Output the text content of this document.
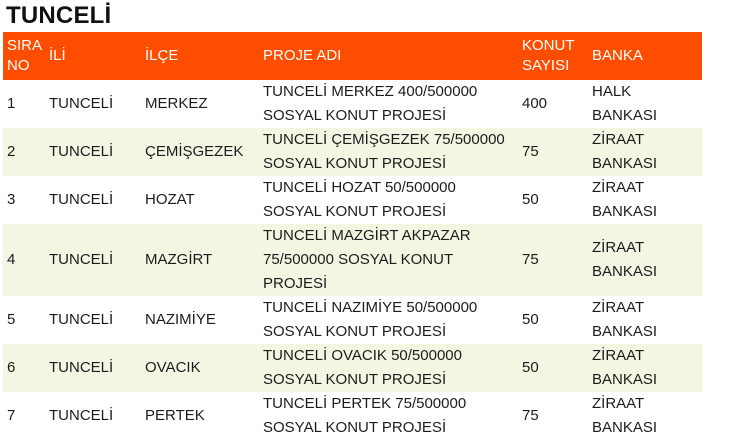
TUNCELİ
SIRA
NO	İLİ	İLÇE	PROJE ADI	KONUT
SAYISI	BANKA
1	TUNCELİ	MERKEZ	TUNCELİ MERKEZ 400/500000
SOSYAL KONUT PROJESİ	400	HALK
BANKASI

2	TUNCELİ	ÇEMİŞGEZEK	TUNCELİ ÇEMİŞGEZEK 75/500000
SOSYAL KONUT PROJESİ	75	ZİRAAT
BANKASI

3	TUNCELİ	HOZAT	TUNCELİ HOZAT 50/500000
SOSYAL KONUT PROJESİ	50	ZİRAAT
BANKASI

4	TUNCELİ	MAZGİRT	TUNCELİ MAZGİRT AKPAZAR
75/500000 SOSYAL KONUT
PROJESİ	75	ZİRAAT
BANKASI

5	TUNCELİ	NAZIMİYE	TUNCELİ NAZIMİYE 50/500000
SOSYAL KONUT PROJESİ	50	ZİRAAT
BANKASI

6	TUNCELİ	OVACIK	TUNCELİ OVACIK 50/500000
SOSYAL KONUT PROJESİ	50	ZİRAAT
BANKASI

7	TUNCELİ	PERTEK	TUNCELİ PERTEK 75/500000
SOSYAL KONUT PROJESİ	75	ZİRAAT
BANKASI
